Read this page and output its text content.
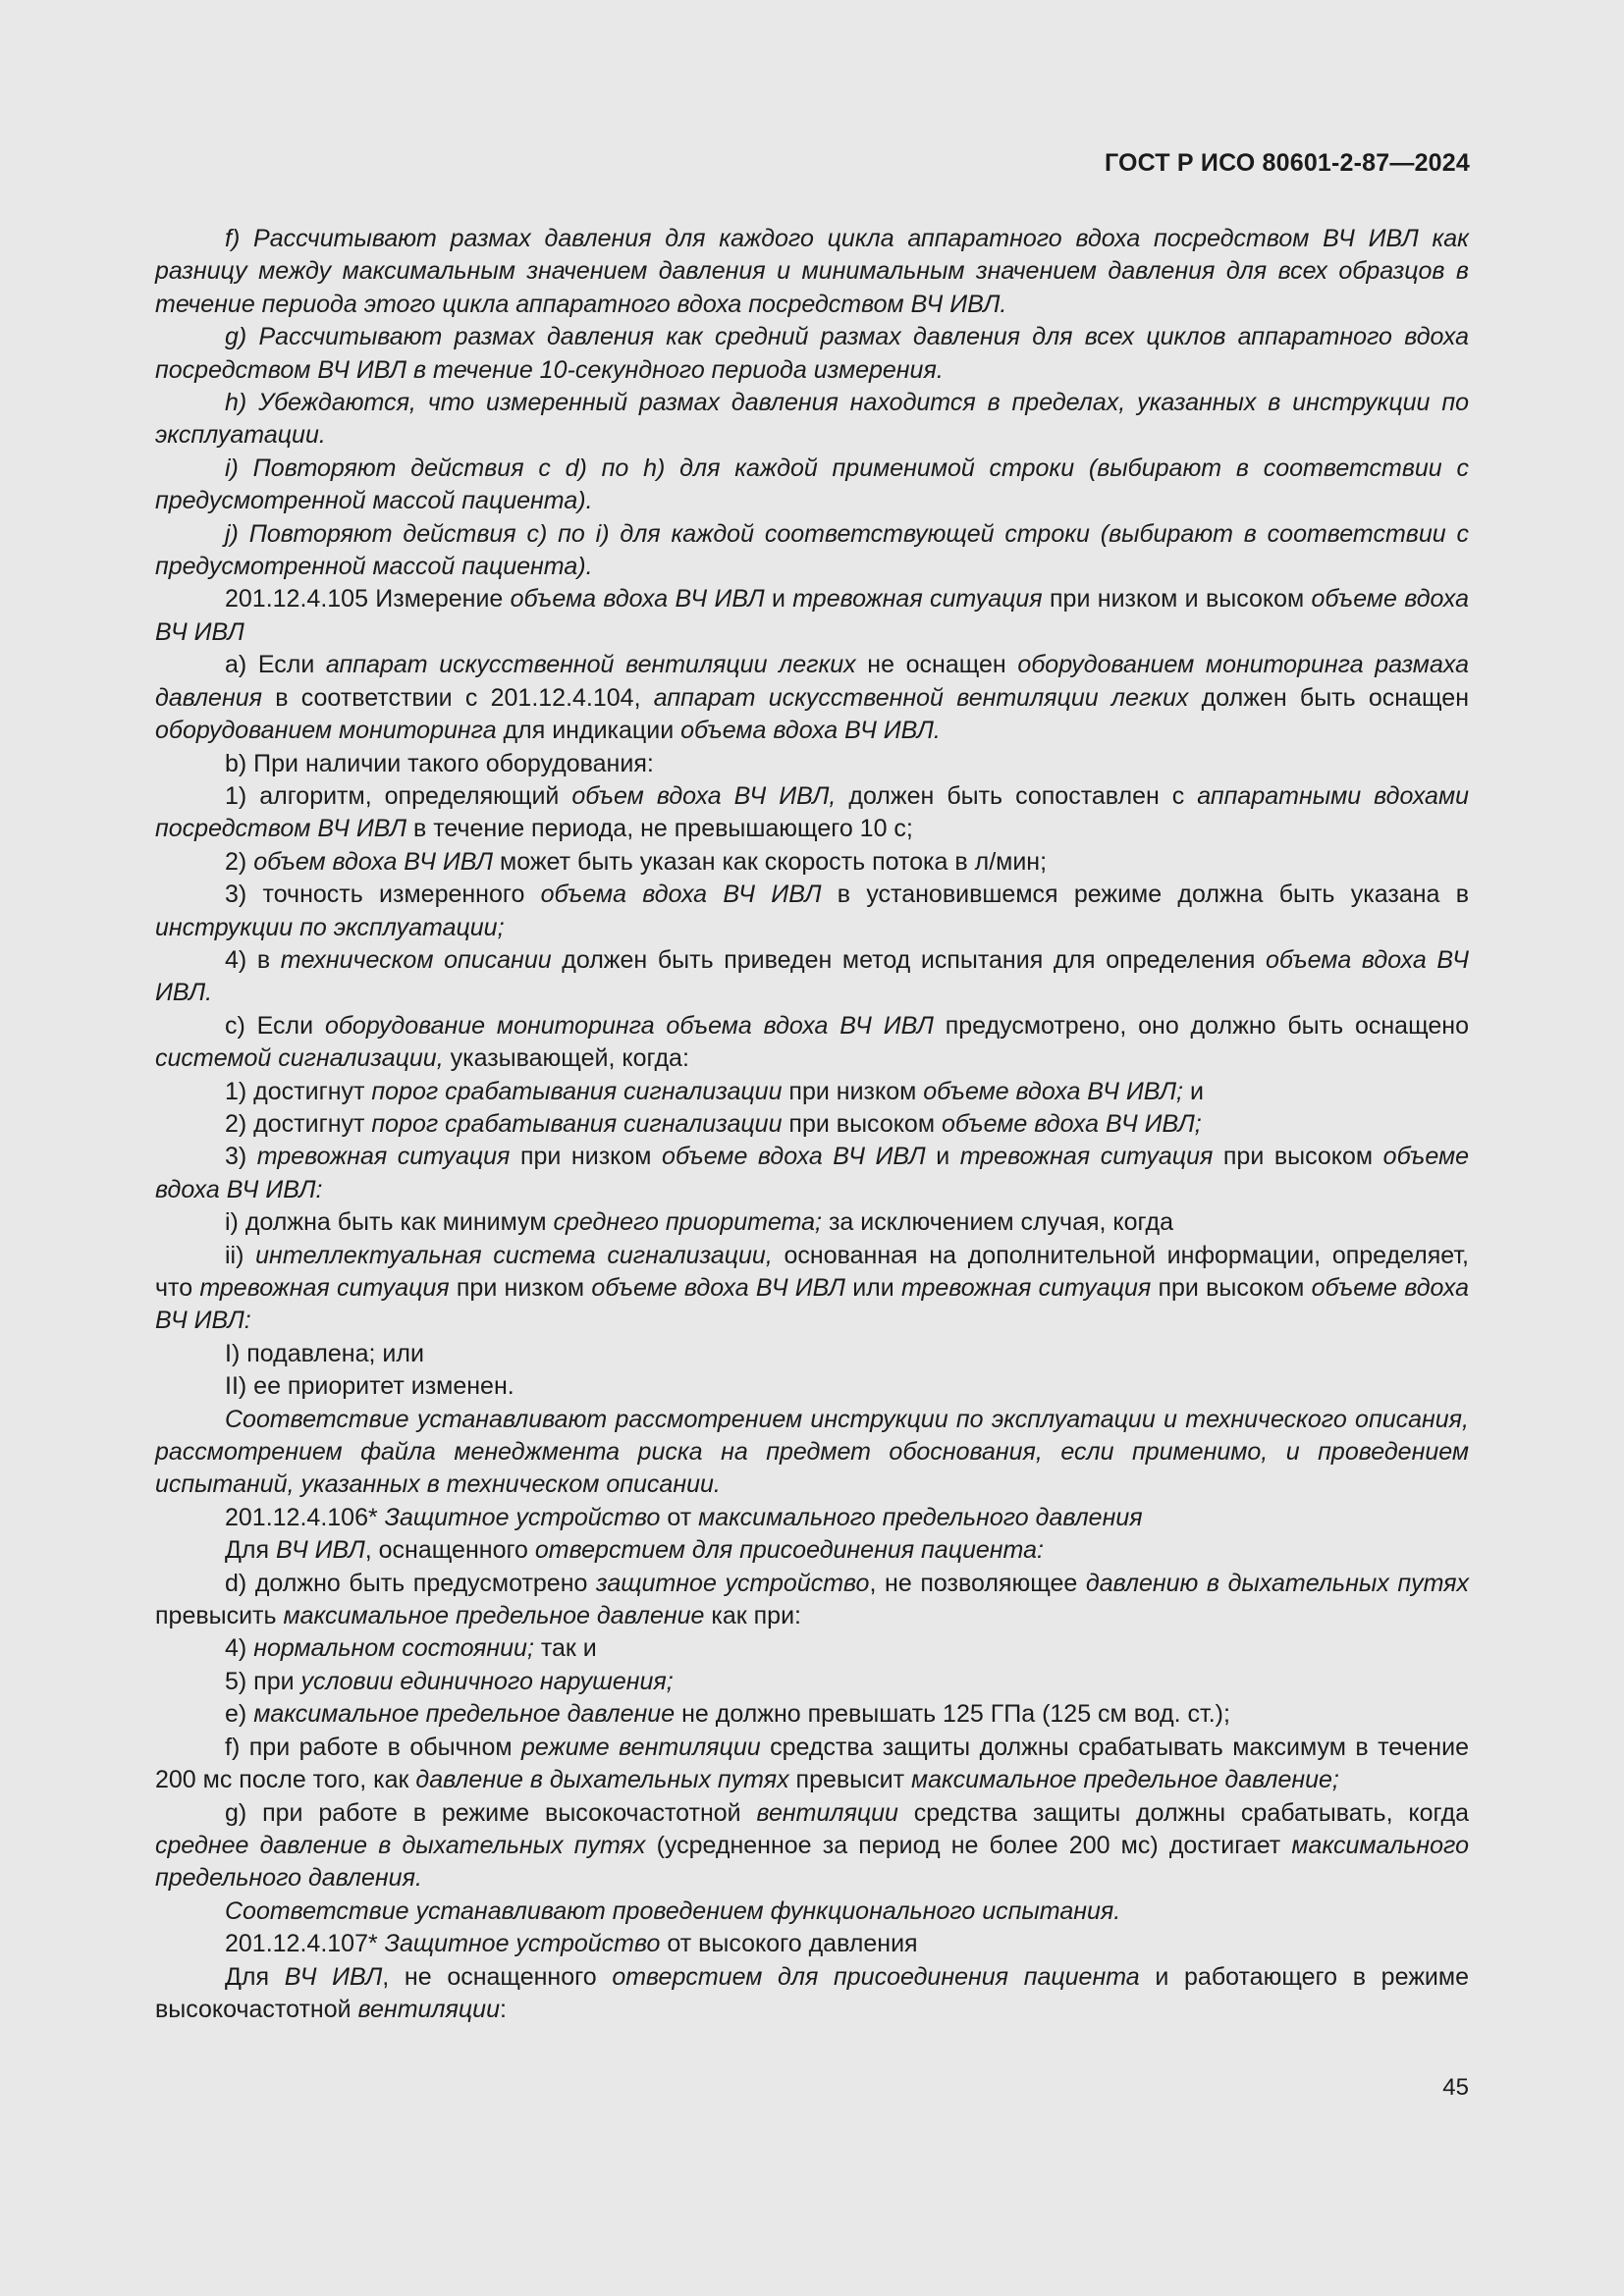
ГОСТ Р ИСО 80601-2-87—2024

f) Рассчитывают размах давления для каждого цикла аппаратного вдоха посредством ВЧ ИВЛ как разницу между максимальным значением давления и минимальным значением давления для всех образцов в течение периода этого цикла аппаратного вдоха посредством ВЧ ИВЛ.

g) Рассчитывают размах давления как средний размах давления для всех циклов аппаратного вдоха посредством ВЧ ИВЛ в течение 10-секундного периода измерения.

h) Убеждаются, что измеренный размах давления находится в пределах, указанных в инструкции по эксплуатации.

i) Повторяют действия с d) по h) для каждой применимой строки (выбирают в соответствии с предусмотренной массой пациента).

j) Повторяют действия с) по i) для каждой соответствующей строки (выбирают в соответствии с предусмотренной массой пациента).

201.12.4.105 Измерение объема вдоха ВЧ ИВЛ и тревожная ситуация при низком и высоком объеме вдоха ВЧ ИВЛ

а) Если аппарат искусственной вентиляции легких не оснащен оборудованием мониторинга размаха давления в соответствии с 201.12.4.104, аппарат искусственной вентиляции легких должен быть оснащен оборудованием мониторинга для индикации объема вдоха ВЧ ИВЛ.

b) При наличии такого оборудования:

1) алгоритм, определяющий объем вдоха ВЧ ИВЛ, должен быть сопоставлен с аппаратными вдохами посредством ВЧ ИВЛ в течение периода, не превышающего 10 с;

2) объем вдоха ВЧ ИВЛ может быть указан как скорость потока в л/мин;

3) точность измеренного объема вдоха ВЧ ИВЛ в установившемся режиме должна быть указана в инструкции по эксплуатации;

4) в техническом описании должен быть приведен метод испытания для определения объема вдоха ВЧ ИВЛ.

с) Если оборудование мониторинга объема вдоха ВЧ ИВЛ предусмотрено, оно должно быть оснащено системой сигнализации, указывающей, когда:

1) достигнут порог срабатывания сигнализации при низком объеме вдоха ВЧ ИВЛ; и

2) достигнут порог срабатывания сигнализации при высоком объеме вдоха ВЧ ИВЛ;

3) тревожная ситуация при низком объеме вдоха ВЧ ИВЛ и тревожная ситуация при высоком объеме вдоха ВЧ ИВЛ:

i) должна быть как минимум среднего приоритета; за исключением случая, когда

ii) интеллектуальная система сигнализации, основанная на дополнительной информации, определяет, что тревожная ситуация при низком объеме вдоха ВЧ ИВЛ или тревожная ситуация при высоком объеме вдоха ВЧ ИВЛ:

I) подавлена; или

II) ее приоритет изменен.

Соответствие устанавливают рассмотрением инструкции по эксплуатации и технического описания, рассмотрением файла менеджмента риска на предмет обоснования, если применимо, и проведением испытаний, указанных в техническом описании.

201.12.4.106* Защитное устройство от максимального предельного давления

Для ВЧ ИВЛ, оснащенного отверстием для присоединения пациента:

d) должно быть предусмотрено защитное устройство, не позволяющее давлению в дыхательных путях превысить максимальное предельное давление как при:

4) нормальном состоянии; так и

5) при условии единичного нарушения;

е) максимальное предельное давление не должно превышать 125 ГПа (125 см вод. ст.);

f) при работе в обычном режиме вентиляции средства защиты должны срабатывать максимум в течение 200 мс после того, как давление в дыхательных путях превысит максимальное предельное давление;

g) при работе в режиме высокочастотной вентиляции средства защиты должны срабатывать, когда среднее давление в дыхательных путях (усредненное за период не более 200 мс) достигает максимального предельного давления.

Соответствие устанавливают проведением функционального испытания.

201.12.4.107* Защитное устройство от высокого давления

Для ВЧ ИВЛ, не оснащенного отверстием для присоединения пациента и работающего в режиме высокочастотной вентиляции:

45
